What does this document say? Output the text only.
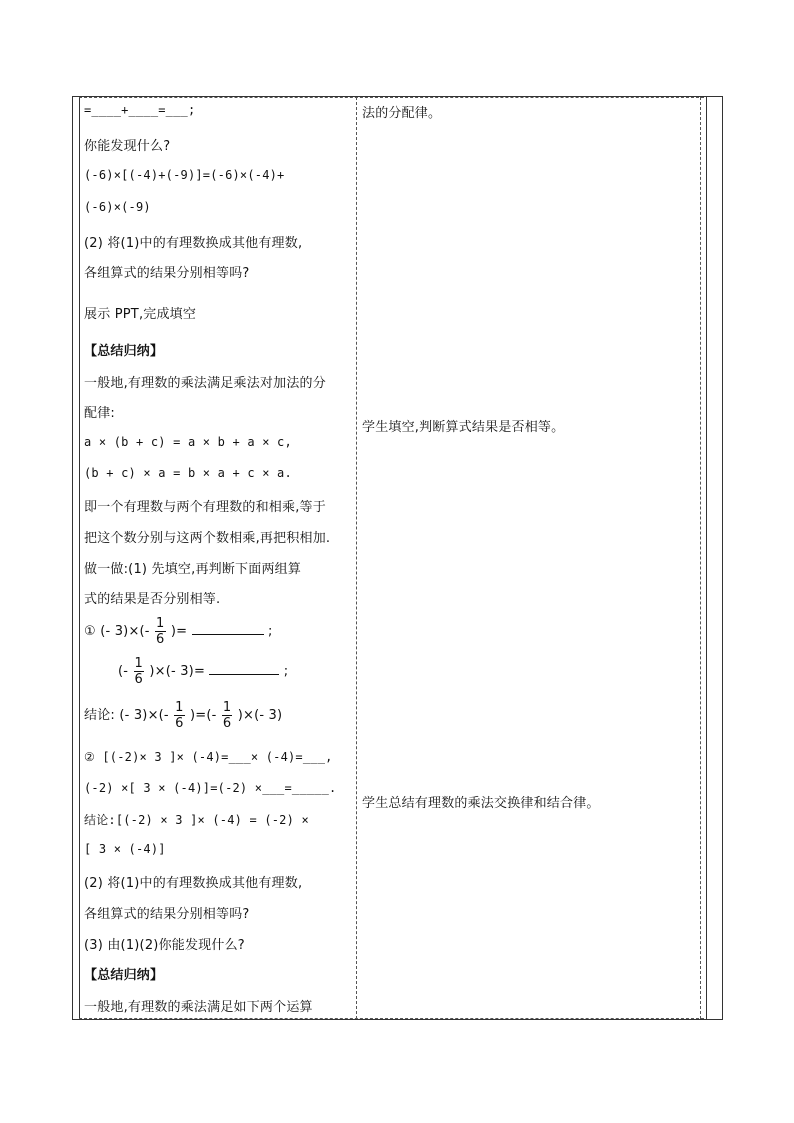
=____+____=___;
你能发现什么?
(-6)×[(-4)+(-9)]=(-6)×(-4)+
(-6)×(-9)
(2) 将(1)中的有理数换成其他有理数,
各组算式的结果分别相等吗?
展示 PPT,完成填空
【总结归纳】
一般地,有理数的乘法满足乘法对加法的分
配律:
a × (b + c) = a × b + a × c,
(b + c) × a = b × a + c × a.
即一个有理数与两个有理数的和相乘,等于
把这个数分别与这两个数相乘,再把积相加.
做一做:(1) 先填空,再判断下面两组算
式的结果是否分别相等.
① (- $3)\times(- \frac{1}{6}$ )=	;
(- $\frac{1}{6}$ )×(- 3)=	;
结论: (- $3)\times(- \frac{1}{6}$ )=(- $\frac{1}{6}$ )×(- 3)
② [(-2)× 3 ]× (-4)=___× (-4)=___,
(-2) ×[ 3 × (-4)]=(-2) ×___=_____.
结论:[(-2) × 3 ]× (-4) = (-2) ×
[ 3 × (-4)]
(2) 将(1)中的有理数换成其他有理数,
各组算式的结果分别相等吗?
(3) 由(1)(2)你能发现什么?
【总结归纳】
一般地,有理数的乘法满足如下两个运算
法的分配律。
学生填空,判断算式结果是否相等。
学生总结有理数的乘法交换律和结合律。
